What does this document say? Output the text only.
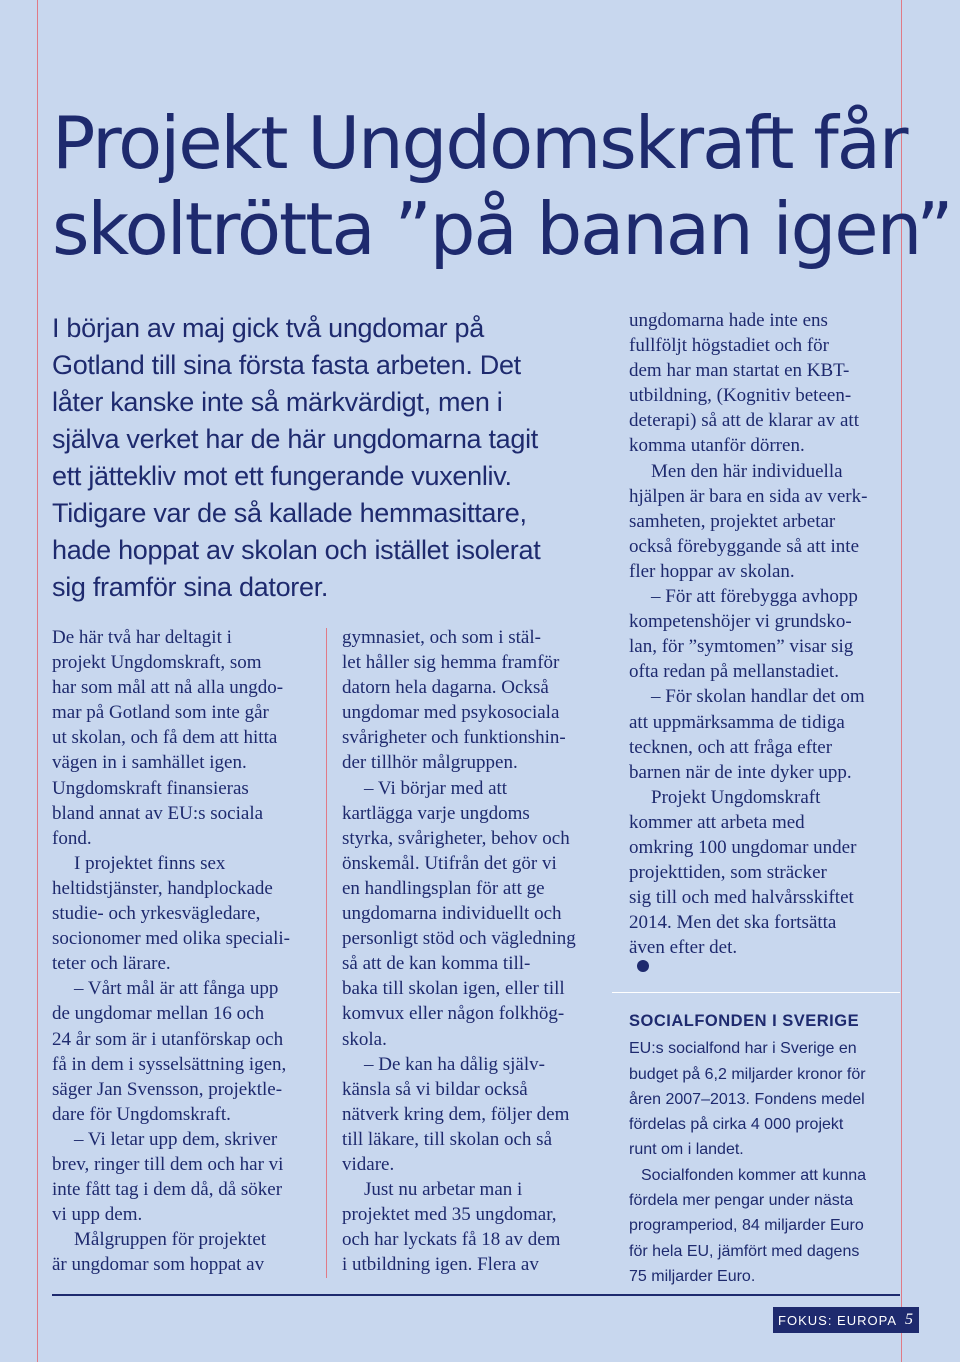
Projekt Ungdomskraft får
skoltrötta ”på banan igen”

I början av maj gick två ungdomar på
Gotland till sina första fasta arbeten. Det
låter kanske inte så märkvärdigt, men i
själva verket har de här ungdomarna tagit
ett jättekliv mot ett fungerande vuxenliv.
Tidigare var de så kallade hemmasittare,
hade hoppat av skolan och istället isolerat
sig framför sina datorer.

De här två har deltagit i
projekt Ungdomskraft, som
har som mål att nå alla ungdo-
mar på Gotland som inte går
ut skolan, och få dem att hitta
vägen in i samhället igen.
Ungdomskraft finansieras
bland annat av EU:s sociala
fond.
I projektet finns sex
heltidstjänster, handplockade
studie- och yrkesvägledare,
socionomer med olika speciali-
teter och lärare.
– Vårt mål är att fånga upp
de ungdomar mellan 16 och
24 år som är i utanförskap och
få in dem i sysselsättning igen,
säger Jan Svensson, projektle-
dare för Ungdomskraft.
– Vi letar upp dem, skriver
brev, ringer till dem och har vi
inte fått tag i dem då, då söker
vi upp dem.
Målgruppen för projektet
är ungdomar som hoppat av
gymnasiet, och som i stäl-
let håller sig hemma framför
datorn hela dagarna. Också
ungdomar med psykosociala
svårigheter och funktionshin-
der tillhör målgruppen.
– Vi börjar med att
kartlägga varje ungdoms
styrka, svårigheter, behov och
önskemål. Utifrån det gör vi
en handlingsplan för att ge
ungdomarna individuellt och
personligt stöd och vägledning
så att de kan komma till-
baka till skolan igen, eller till
komvux eller någon folkhög-
skola.
– De kan ha dålig själv-
känsla så vi bildar också
nätverk kring dem, följer dem
till läkare, till skolan och så
vidare.
Just nu arbetar man i
projektet med 35 ungdomar,
och har lyckats få 18 av dem
i utbildning igen. Flera av
ungdomarna hade inte ens
fullföljt högstadiet och för
dem har man startat en KBT-
utbildning, (Kognitiv beteen-
deterapi) så att de klarar av att
komma utanför dörren.
Men den här individuella
hjälpen är bara en sida av verk-
samheten, projektet arbetar
också förebyggande så att inte
fler hoppar av skolan.
– För att förebygga avhopp
kompetenshöjer vi grundsko-
lan, för ”symtomen” visar sig
ofta redan på mellanstadiet.
– För skolan handlar det om
att uppmärksamma de tidiga
tecknen, och att fråga efter
barnen när de inte dyker upp.
Projekt Ungdomskraft
kommer att arbeta med
omkring 100 ungdomar under
projekttiden, som sträcker
sig till och med halvårsskiftet
2014. Men det ska fortsätta
även efter det.
SOCIALFONDEN I SVERIGE
EU:s socialfond har i Sverige en
budget på 6,2 miljarder kronor för
åren 2007–2013. Fondens medel
fördelas på cirka 4 000 projekt
runt om i landet.
Socialfonden kommer att kunna
fördela mer pengar under nästa
programperiod, 84 miljarder Euro
för hela EU, jämfört med dagens
75 miljarder Euro.
FOKUS: EUROPA 5
